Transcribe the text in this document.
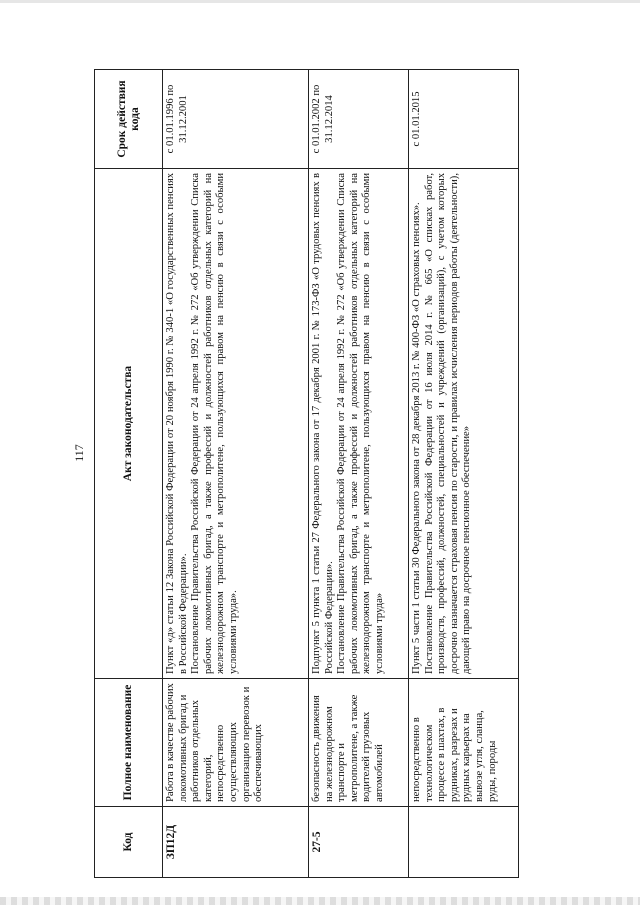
117
Код	Полное наименование	Акт законодательства	Срок действия кода
ЗП12Д	Работа в качестве рабочих локомотивных бригад и работников отдельных категорий, непосредственно осуществляющих организацию перевозок и обеспечивающих	Пункт «д» статьи 12 Закона Российской Федерации от 20 ноября 1990 г. № 340-1 «О государственных пенсиях в Российской Федерации». Постановление Правительства Российской Федерации от 24 апреля 1992 г. № 272 «Об утверждении Списка рабочих локомотивных бригад, а также профессий и должностей работников отдельных категорий на железнодорожном транспорте и метрополитене, пользующихся правом на пенсию в связи с особыми условиями труда».	с 01.01.1996 по 31.12.2001
27-5	безопасность движения на железнодорожном транспорте и метрополитене, а также водителей грузовых автомобилей	Подпункт 5 пункта 1 статьи 27 Федерального закона от 17 декабря 2001 г. № 173-ФЗ «О трудовых пенсиях в Российской Федерации». Постановление Правительства Российской Федерации от 24 апреля 1992 г. № 272 «Об утверждении Списка рабочих локомотивных бригад, а также профессий и должностей работников отдельных категорий на железнодорожном транспорте и метрополитене, пользующихся правом на пенсию в связи с особыми условиями труда»	с 01.01.2002 по 31.12.2014
	непосредственно в технологическом процессе в шахтах, в рудниках, разрезах и рудных карьерах на вывозе угля, сланца, руды, породы	Пункт 5 части 1 статьи 30 Федерального закона от 28 декабря 2013 г. № 400-ФЗ «О страховых пенсиях». Постановление Правительства Российской Федерации от 16 июля 2014 г. № 665 «О списках работ, производств, профессий, должностей, специальностей и учреждений (организаций), с учетом которых досрочно назначается страховая пенсия по старости, и правилах исчисления периодов работы (деятельности), дающей право на досрочное пенсионное обеспечение»	с 01.01.2015
